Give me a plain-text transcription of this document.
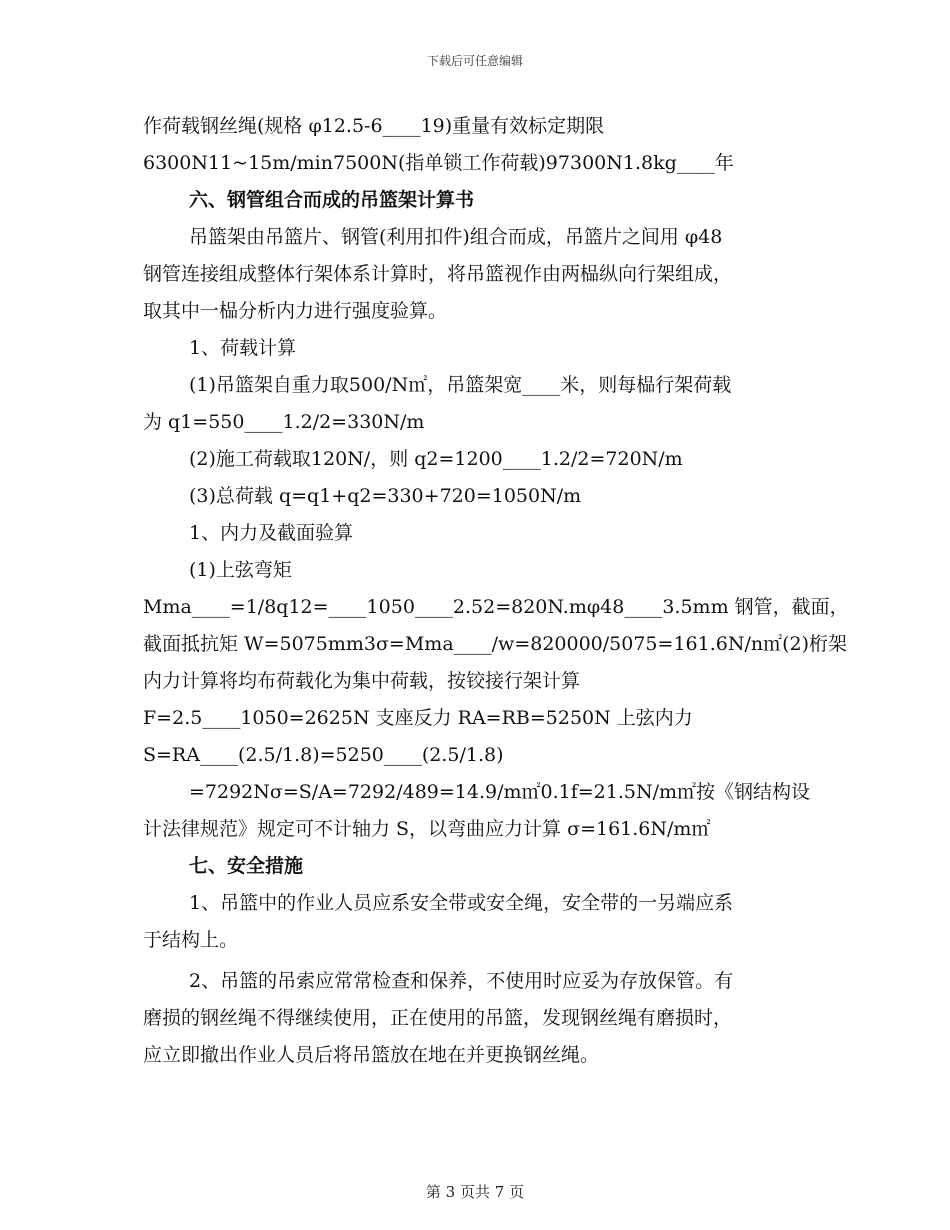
下载后可任意编辑
作荷载钢丝绳(规格 φ12.5-6____19)重量有效标定期限
6300N11~15m/min7500N(指单锁工作荷载)97300N1.8kg____年
六、钢管组合而成的吊篮架计算书
吊篮架由吊篮片、钢管(利用扣件)组合而成，吊篮片之间用 φ48
钢管连接组成整体行架体系计算时，将吊篮视作由两榀纵向行架组成，
取其中一榀分析内力进行强度验算。
1、荷载计算
(1)吊篮架自重力取500/N㎡，吊篮架宽____米，则每榀行架荷载
为 q1=550____1.2/2=330N/m
(2)施工荷载取120N/，则 q2=1200____1.2/2=720N/m
(3)总荷载 q=q1+q2=330+720=1050N/m
1、内力及截面验算
(1)上弦弯矩
Mma____=1/8q12=____1050____2.52=820N.mφ48____3.5mm 钢管，截面，
截面抵抗矩 W=5075mm3σ=Mma____/w=820000/5075=161.6N/n㎡(2)桁架
内力计算将均布荷载化为集中荷载，按铰接行架计算
F=2.5____1050=2625N 支座反力 RA=RB=5250N 上弦内力
S=RA____(2.5/1.8)=5250____(2.5/1.8)
=7292Nσ=S/A=7292/489=14.9/m㎡0.1f=21.5N/m㎡按《钢结构设
计法律规范》规定可不计轴力 S，以弯曲应力计算 σ=161.6N/m㎡
七、安全措施
1、吊篮中的作业人员应系安全带或安全绳，安全带的一另端应系
于结构上。
2、吊篮的吊索应常常检查和保养，不使用时应妥为存放保管。有
磨损的钢丝绳不得继续使用，正在使用的吊篮，发现钢丝绳有磨损时，
应立即撤出作业人员后将吊篮放在地在并更换钢丝绳。
第 3 页共 7 页
